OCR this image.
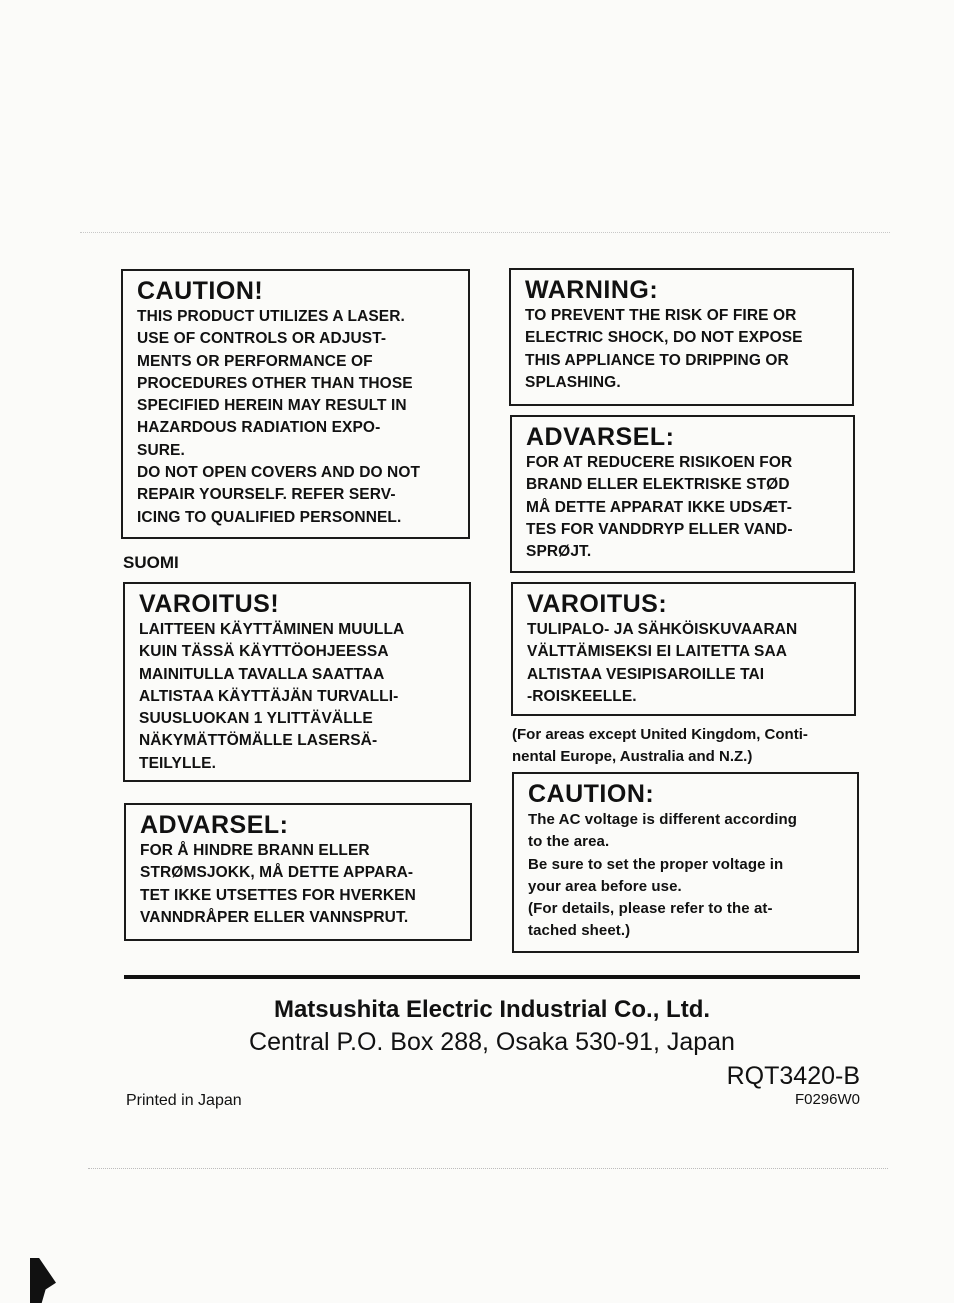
CAUTION!

THIS PRODUCT UTILIZES A LASER.
USE OF CONTROLS OR ADJUST-
MENTS OR PERFORMANCE OF
PROCEDURES OTHER THAN THOSE
SPECIFIED HEREIN MAY RESULT IN
HAZARDOUS RADIATION EXPO-
SURE.
DO NOT OPEN COVERS AND DO NOT
REPAIR YOURSELF. REFER SERV-
ICING TO QUALIFIED PERSONNEL.

SUOMI
VAROITUS!

LAITTEEN KÄYTTÄMINEN MUULLA
KUIN TÄSSÄ KÄYTTÖOHJEESSA
MAINITULLA TAVALLA SAATTAA
ALTISTAA KÄYTTÄJÄN TURVALLI-
SUUSLUOKAN 1 YLITTÄVÄLLE
NÄKYMÄTTÖMÄLLE LASERSÄ-
TEILYLLE.

ADVARSEL:

FOR Å HINDRE BRANN ELLER
STRØMSJOKK, MÅ DETTE APPARA-
TET IKKE UTSETTES FOR HVERKEN
VANNDRÅPER ELLER VANNSPRUT.

WARNING:

TO PREVENT THE RISK OF FIRE OR
ELECTRIC SHOCK, DO NOT EXPOSE
THIS APPLIANCE TO DRIPPING OR
SPLASHING.

ADVARSEL:

FOR AT REDUCERE RISIKOEN FOR
BRAND ELLER ELEKTRISKE STØD
MÅ DETTE APPARAT IKKE UDSÆT-
TES FOR VANDDRYP ELLER VAND-
SPRØJT.

VAROITUS:

TULIPALO- JA SÄHKÖISKUVAARAN
VÄLTTÄMISEKSI EI LAITETTA SAA
ALTISTAA VESIPISAROILLE TAI
-ROISKEELLE.

(For areas except United Kingdom, Conti-
nental Europe, Australia and N.Z.)
CAUTION:

The AC voltage is different according
to the area.
Be sure to set the proper voltage in
your area before use.
(For details, please refer to the at-
tached sheet.)

Matsushita Electric Industrial Co., Ltd.
Central P.O. Box 288, Osaka 530-91, Japan
RQT3420-B
Printed in Japan	F0296W0
